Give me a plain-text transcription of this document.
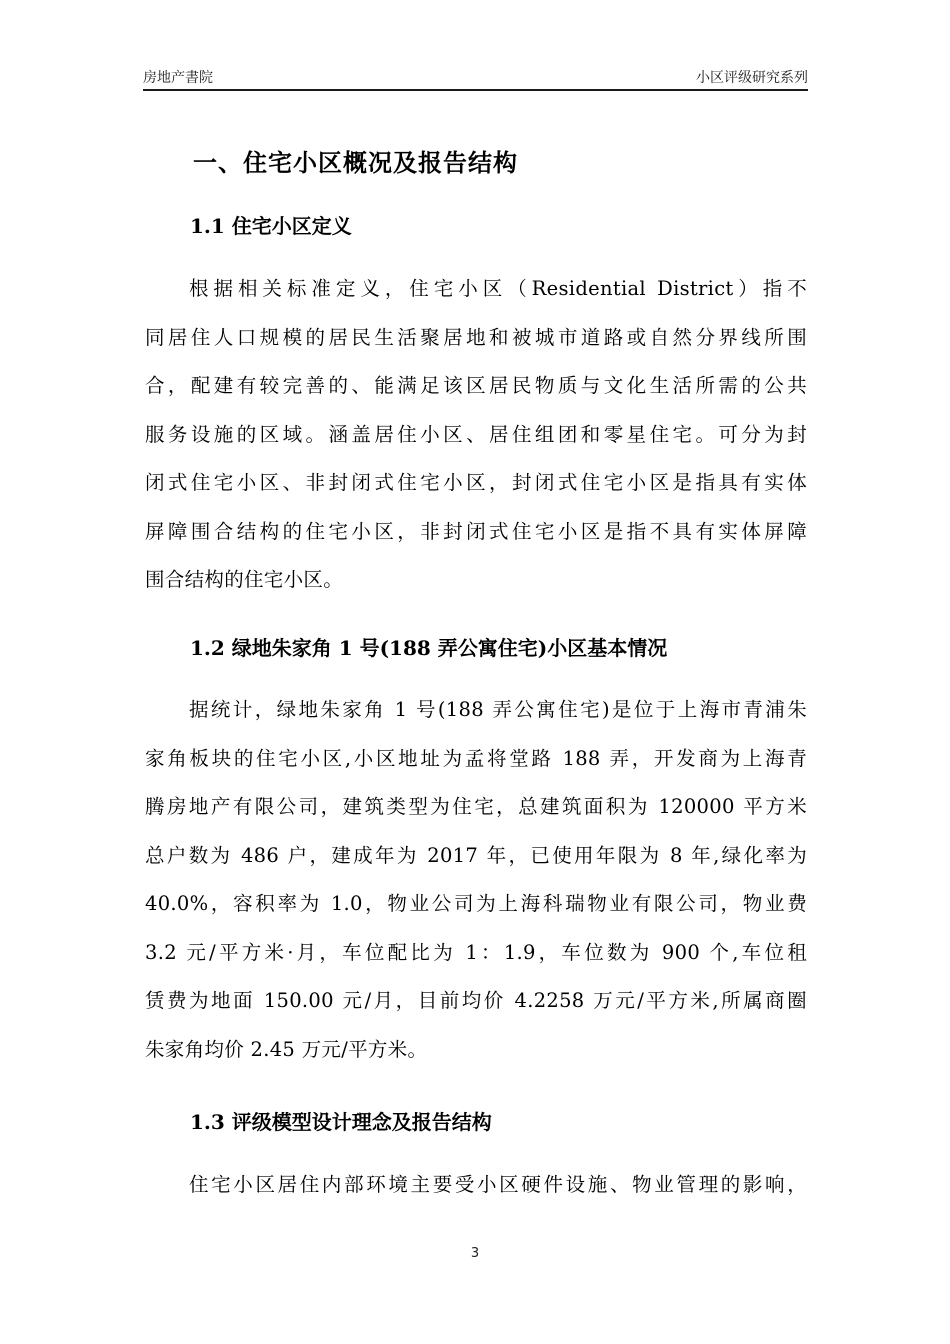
房地产書院	小区评级研究系列
一、住宅小区概况及报告结构
1.1 住宅小区定义
根据相关标准定义，住宅小区（Residential District）指不
同居住人口规模的居民生活聚居地和被城市道路或自然分界线所围
合，配建有较完善的、能满足该区居民物质与文化生活所需的公共
服务设施的区域。涵盖居住小区、居住组团和零星住宅。可分为封
闭式住宅小区、非封闭式住宅小区，封闭式住宅小区是指具有实体
屏障围合结构的住宅小区，非封闭式住宅小区是指不具有实体屏障
围合结构的住宅小区。
1.2 绿地朱家角 1 号(188 弄公寓住宅)小区基本情况
据统计，绿地朱家角 1 号(188 弄公寓住宅)是位于上海市青浦朱
家角板块的住宅小区,小区地址为孟将堂路 188 弄，开发商为上海青
腾房地产有限公司，建筑类型为住宅，总建筑面积为 120000 平方米
总户数为 486 户，建成年为 2017 年，已使用年限为 8 年,绿化率为
40.0%，容积率为 1.0，物业公司为上海科瑞物业有限公司，物业费
3.2 元/平方米·月，车位配比为 1：1.9，车位数为 900 个,车位租
赁费为地面 150.00 元/月，目前均价 4.2258 万元/平方米,所属商圈
朱家角均价 2.45 万元/平方米。
1.3 评级模型设计理念及报告结构
住宅小区居住内部环境主要受小区硬件设施、物业管理的影响，
3
